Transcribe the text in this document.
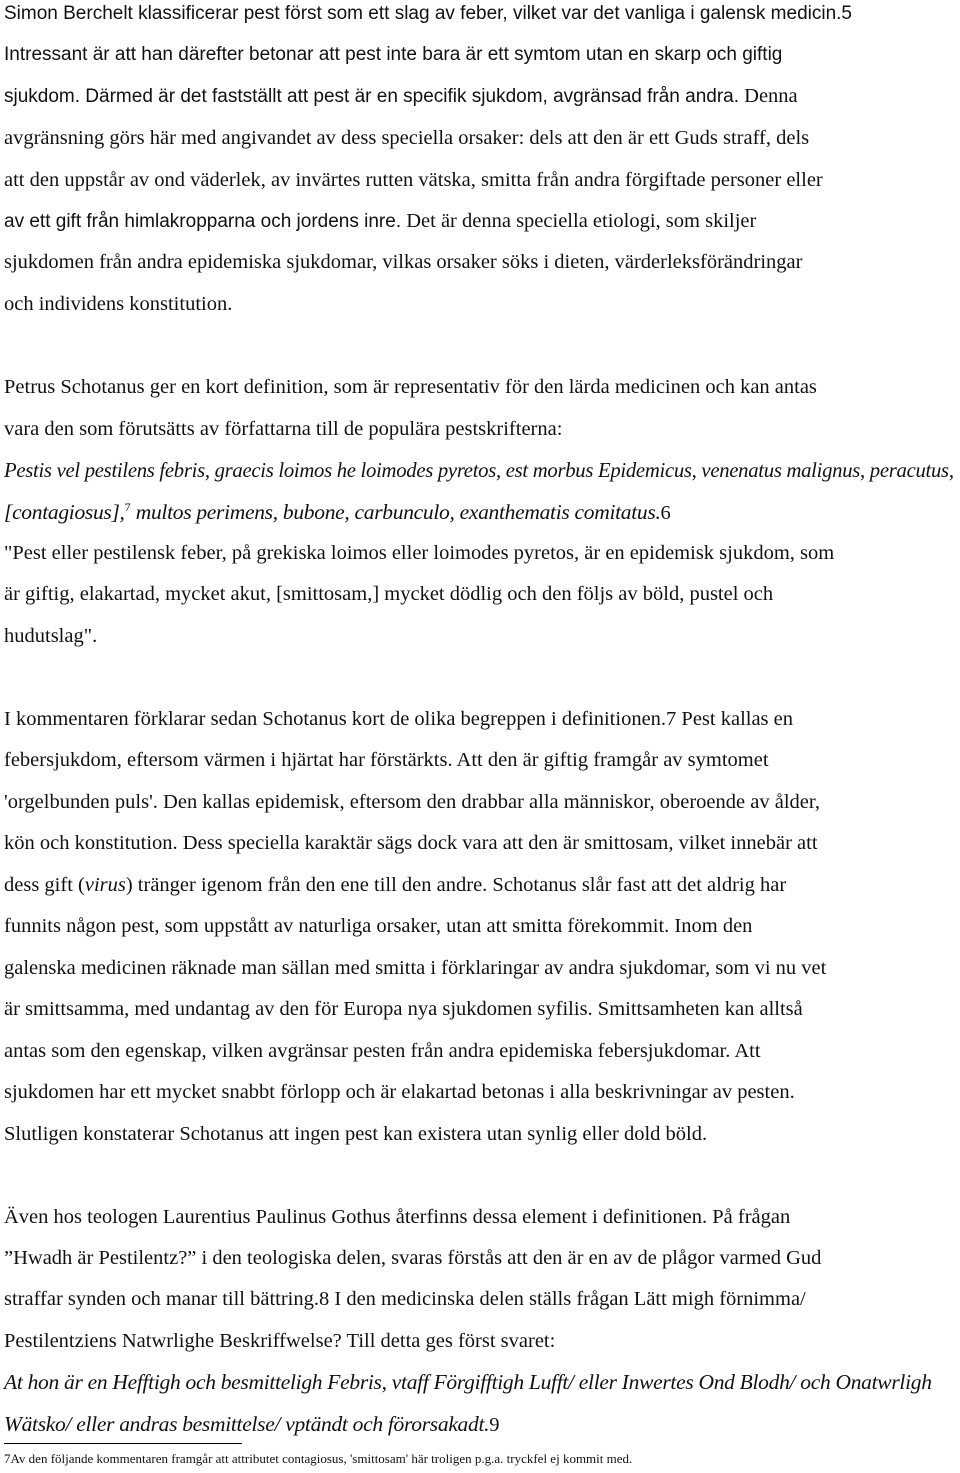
Simon Berchelt klassificerar pest först som ett slag av feber, vilket var det vanliga i galensk medicin.5
Intressant är att han därefter betonar att pest inte bara är ett symtom utan en skarp och giftig
sjukdom. Därmed är det fastställt att pest är en specifik sjukdom, avgränsad från andra. Denna
avgränsning görs här med angivandet av dess speciella orsaker: dels att den är ett Guds straff, dels
att den uppstår av ond väderlek, av invärtes rutten vätska, smitta från andra förgiftade personer eller
av ett gift från himlakropparna och jordens inre. Det är denna speciella etiologi, som skiljer
sjukdomen från andra epidemiska sjukdomar, vilkas orsaker söks i dieten, värderleksförändringar
och individens konstitution.
Petrus Schotanus ger en kort definition, som är representativ för den lärda medicinen och kan antas
vara den som förutsätts av författarna till de populära pestskrifterna:
Pestis vel pestilens febris, graecis loimos he loimodes pyretos, est morbus Epidemicus, venenatus malignus, peracutus,
[contagiosus],$^7$ multos perimens, bubone, carbunculo, exanthematis comitatus.6
"Pest eller pestilensk feber, på grekiska loimos eller loimodes pyretos, är en epidemisk sjukdom, som
är giftig, elakartad, mycket akut, [smittosam,] mycket dödlig och den följs av böld, pustel och
hudutslag".
I kommentaren förklarar sedan Schotanus kort de olika begreppen i definitionen.7 Pest kallas en
febersjukdom, eftersom värmen i hjärtat har förstärkts. Att den är giftig framgår av symtomet
'orgelbunden puls'. Den kallas epidemisk, eftersom den drabbar alla människor, oberoende av ålder,
kön och konstitution. Dess speciella karaktär sägs dock vara att den är smittosam, vilket innebär att
dess gift (virus) tränger igenom från den ene till den andre. Schotanus slår fast att det aldrig har
funnits någon pest, som uppstått av naturliga orsaker, utan att smitta förekommit. Inom den
galenska medicinen räknade man sällan med smitta i förklaringar av andra sjukdomar, som vi nu vet
är smittsamma, med undantag av den för Europa nya sjukdomen syfilis. Smittsamheten kan alltså
antas som den egenskap, vilken avgränsar pesten från andra epidemiska febersjukdomar. Att
sjukdomen har ett mycket snabbt förlopp och är elakartad betonas i alla beskrivningar av pesten.
Slutligen konstaterar Schotanus att ingen pest kan existera utan synlig eller dold böld.
Även hos teologen Laurentius Paulinus Gothus återfinns dessa element i definitionen. På frågan
”Hwadh är Pestilentz?” i den teologiska delen, svaras förstås att den är en av de plågor varmed Gud
straffar synden och manar till bättring.8 I den medicinska delen ställs frågan Lätt migh förnimma/
Pestilentziens Natwrlighe Beskriffwelse? Till detta ges först svaret:
At hon är en Hefftigh och besmitteligh Febris, vtaff Förgifftigh Lufft/ eller Inwertes Ond Blodh/ och Onatwrligh
Wätsko/ eller andras besmittelse/ vptändt och förorsakadt.9
7Av den följande kommentaren framgår att attributet contagiosus, 'smittosam' här troligen p.g.a. tryckfel ej kommit med.
